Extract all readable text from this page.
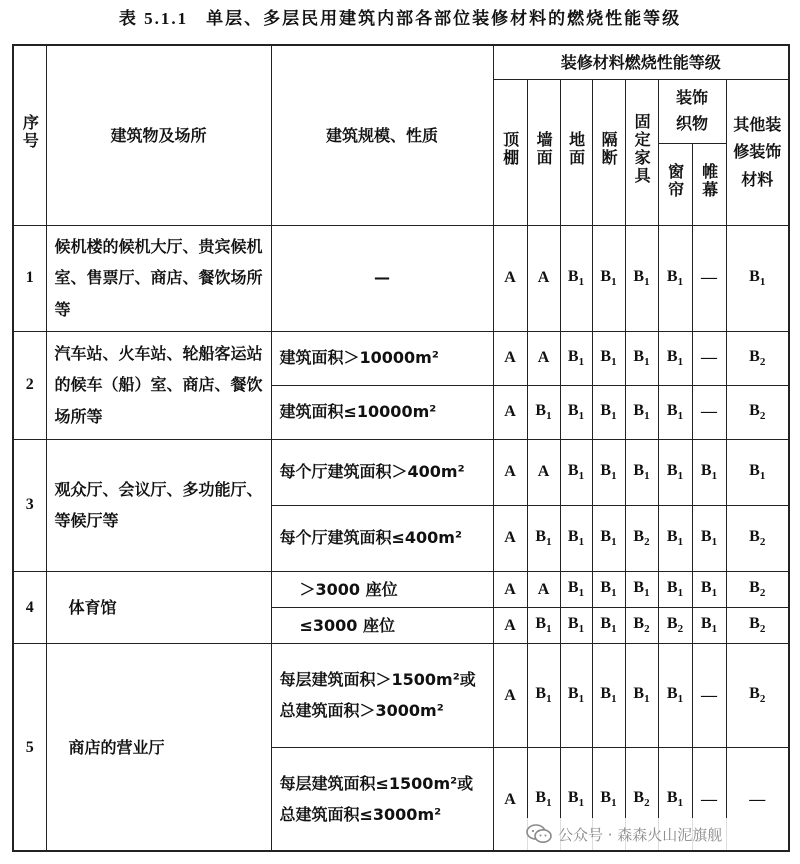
表 5.1.1 单层、多层民用建筑内部各部位装修材料的燃烧性能等级
序号	建筑物及场所	建筑规模、性质	装修材料燃烧性能等级							
			顶棚	墙面	地面	隔断	固定家具	装饰织物		其他装修装饰材料
								窗帘	帷幕	
1	候机楼的候机大厅、贵宾候机室、售票厅、商店、餐饮场所等	—	A	A	$B_1$	$B_1$	$B_1$	$B_1$	—	$B_1$
2	汽车站、火车站、轮船客运站的候车（船）室、商店、餐饮场所等	建筑面积＞10000m²	A	A	$B_1$	$B_1$	$B_1$	$B_1$	—	$B_2$
		建筑面积≤10000m²	A	$B_1$	$B_1$	$B_1$	$B_1$	$B_1$	—	$B_2$
3	观众厅、会议厅、多功能厅、等候厅等	每个厅建筑面积＞400m²	A	A	$B_1$	$B_1$	$B_1$	$B_1$	$B_1$	$B_1$
		每个厅建筑面积≤400m²	A	$B_1$	$B_1$	$B_1$	$B_2$	$B_1$	$B_1$	$B_2$
4	体育馆	＞3000 座位	A	A	$B_1$	$B_1$	$B_1$	$B_1$	$B_1$	$B_2$
		≤3000 座位	A	$B_1$	$B_1$	$B_1$	$B_2$	$B_2$	$B_1$	$B_2$
5	商店的营业厅	每层建筑面积＞1500m²或总建筑面积＞3000m²	A	$B_1$	$B_1$	$B_1$	$B_1$	$B_1$	—	$B_2$
		每层建筑面积≤1500m²或总建筑面积≤3000m²	A	$B_1$	$B_1$	$B_1$	$B_2$	$B_1$	—	—
公众号 · 森森火山泥旗舰
